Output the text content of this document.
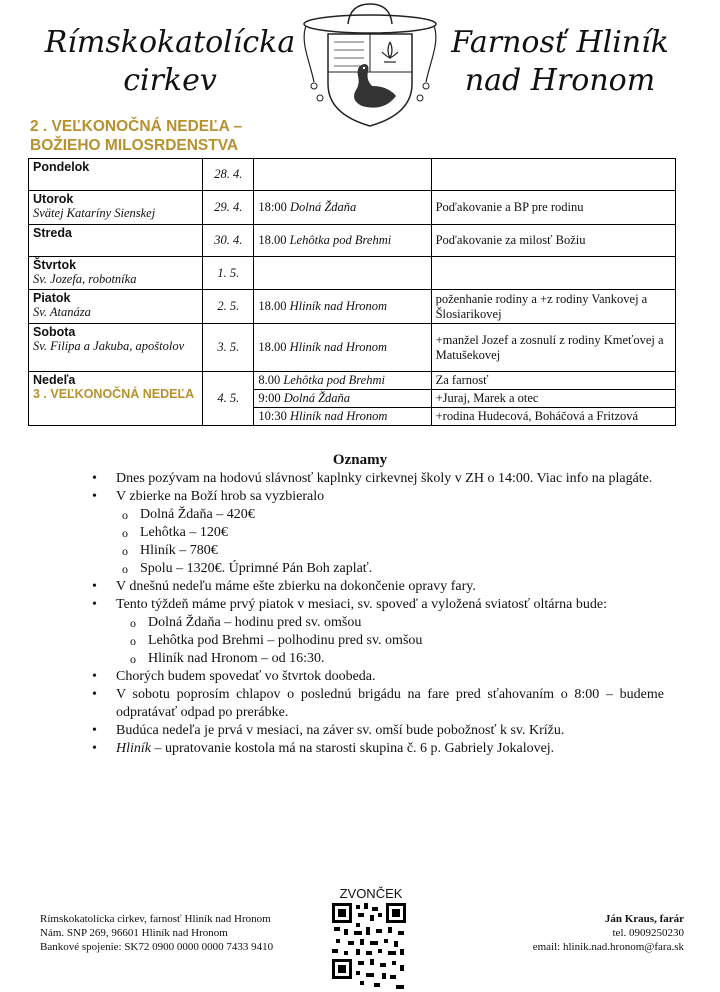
Rímskokatolícka
cirkev
Farnosť Hliník
nad Hronom
2 . VEĽKONOČNÁ NEDEĽA –
BOŽIEHO MILOSRDENSTVA
Pondelok	28. 4.		

Utorok
Svätej Kataríny Sienskej	29. 4.	18:00 Dolná Ždaňa	Poďakovanie a BP pre rodinu

Streda	30. 4.	18.00 Lehôtka pod Brehmi	Poďakovanie za milosť Božiu

Štvrtok
Sv. Jozefa, robotníka	1. 5.		

Piatok
Sv. Atanáza	2. 5.	18.00 Hliník nad Hronom	poženhanie rodiny a +z rodiny Vankovej a Šlosiarikovej

Sobota
Sv. Filipa a Jakuba, apoštolov	3. 5.	18.00 Hliník nad Hronom	+manžel Jozef a zosnulí z rodiny Kmeťovej a Matušekovej

Nedeľa
3 . VEĽKONOČNÁ NEDEĽA	4. 5.	8.00 Lehôtka pod Brehmi	Za farnosť
		9:00 Dolná Ždaňa	+Juraj, Marek a otec
		10:30 Hliník nad Hronom	+rodina Hudecová, Boháčová a Fritzová
Oznamy
• Dnes pozývam na hodovú slávnosť kaplnky cirkevnej školy v ZH o 14:00. Viac info na plagáte.
• V zbierke na Boží hrob sa vyzbieralo
o Dolná Ždaňa – 420€
o Lehôtka – 120€
o Hliník – 780€
o Spolu – 1320€. Úprimné Pán Boh zaplať.
• V dnešnú nedeľu máme ešte zbierku na dokončenie opravy fary.
• Tento týždeň máme prvý piatok v mesiaci, sv. spoveď a vyložená sviatosť oltárna bude:
o Dolná Ždaňa – hodinu pred sv. omšou
o Lehôtka pod Brehmi – polhodinu pred sv. omšou
o Hliník nad Hronom – od 16:30.
• Chorých budem spovedať vo štvrtok doobeda.
• V sobotu poprosím chlapov o poslednú brigádu na fare pred sťahovaním o 8:00 – budeme odpratávať odpad po prerábke.
• Budúca nedeľa je prvá v mesiaci, na záver sv. omší bude pobožnosť k sv. Krížu.
• Hliník – upratovanie kostola má na starosti skupina č. 6 p. Gabriely Jokalovej.
Rímskokatolícka cirkev, farnosť Hliník nad Hronom
Nám. SNP 269, 96601 Hliník nad Hronom
Bankové spojenie: SK72 0900 0000 0000 7433 9410
ZVONČEK
Ján Kraus, farár
tel. 0909250230
email: hlinik.nad.hronom@fara.sk
